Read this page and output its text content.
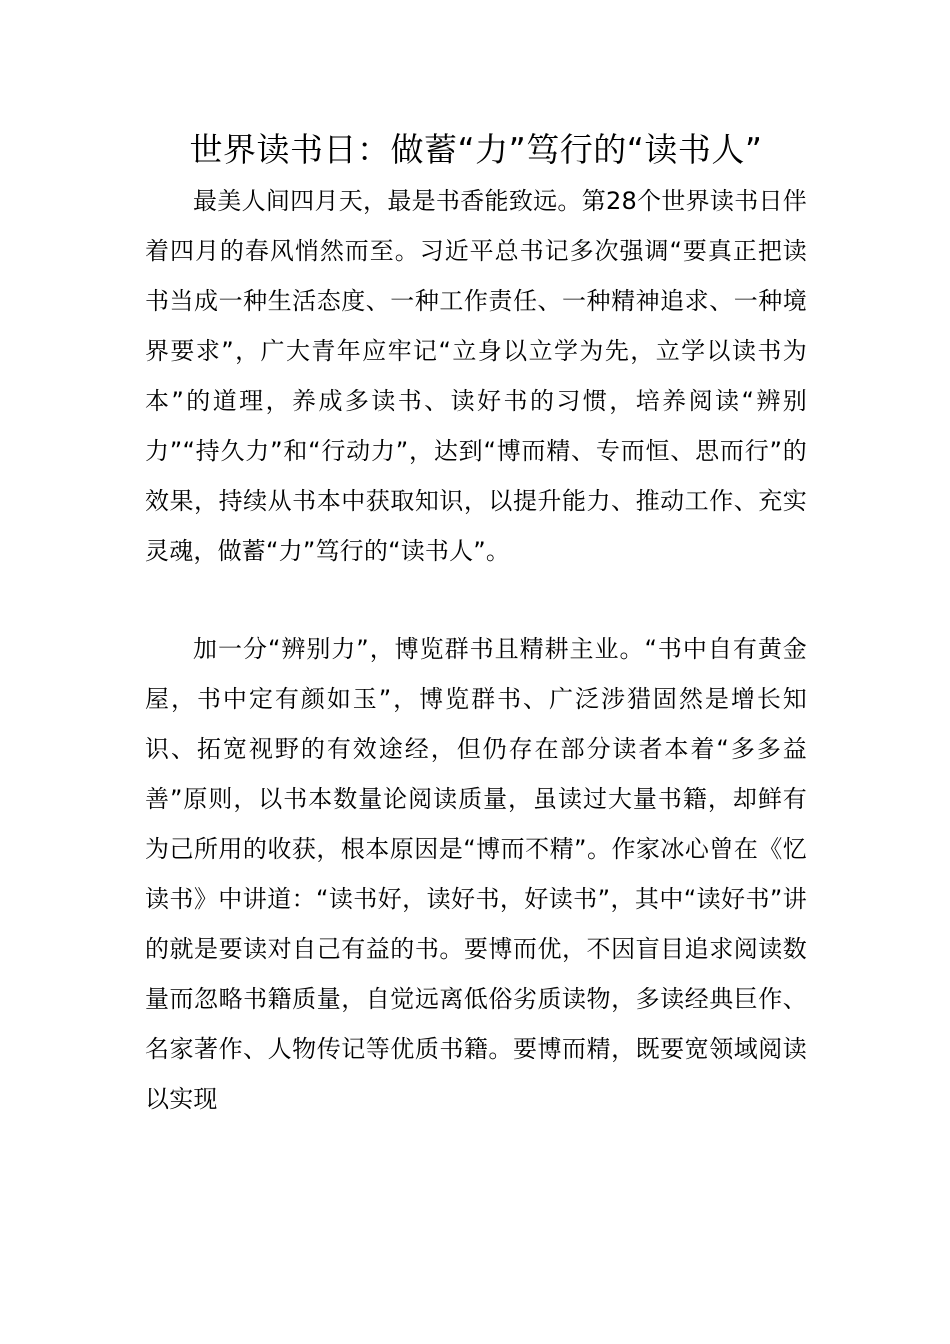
世界读书日：做蓄“力”笃行的“读书人”

最美人间四月天，最是书香能致远。第28个世界读书日伴着四月的春风悄然而至。习近平总书记多次强调“要真正把读书当成一种生活态度、一种工作责任、一种精神追求、一种境界要求”，广大青年应牢记“立身以立学为先，立学以读书为本”的道理，养成多读书、读好书的习惯，培养阅读“辨别力”“持久力”和“行动力”，达到“博而精、专而恒、思而行”的效果，持续从书本中获取知识，以提升能力、推动工作、充实灵魂，做蓄“力”笃行的“读书人”。

加一分“辨别力”，博览群书且精耕主业。“书中自有黄金屋，书中定有颜如玉”，博览群书、广泛涉猎固然是增长知识、拓宽视野的有效途经，但仍存在部分读者本着“多多益善”原则，以书本数量论阅读质量，虽读过大量书籍，却鲜有为己所用的收获，根本原因是“博而不精”。作家冰心曾在《忆读书》中讲道：“读书好，读好书，好读书”，其中“读好书”讲的就是要读对自己有益的书。要博而优，不因盲目追求阅读数量而忽略书籍质量，自觉远离低俗劣质读物，多读经典巨作、名家著作、人物传记等优质书籍。要博而精，既要宽领域阅读以实现
